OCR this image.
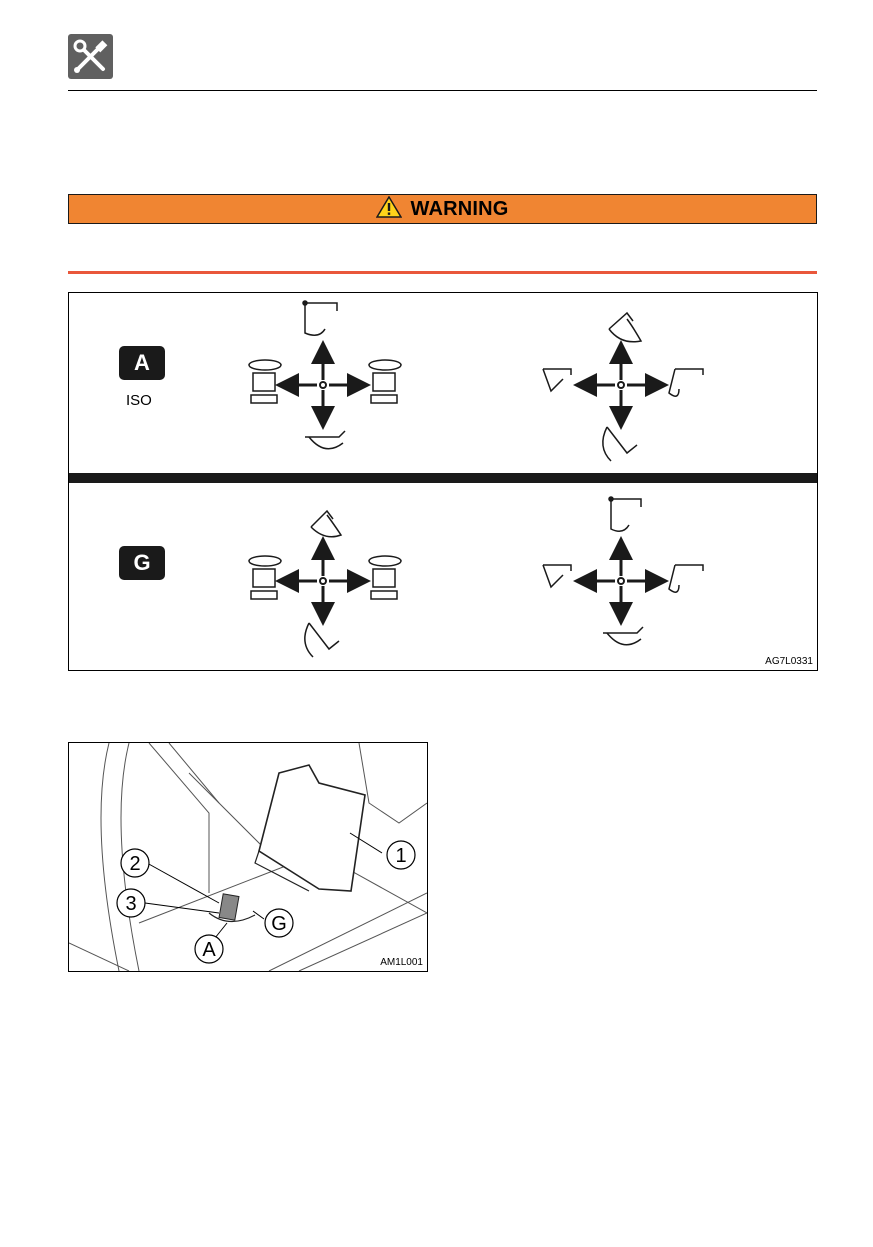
WARNING
A
ISO
G
AG7L0331
1
2
3
A
G
AM1L001
